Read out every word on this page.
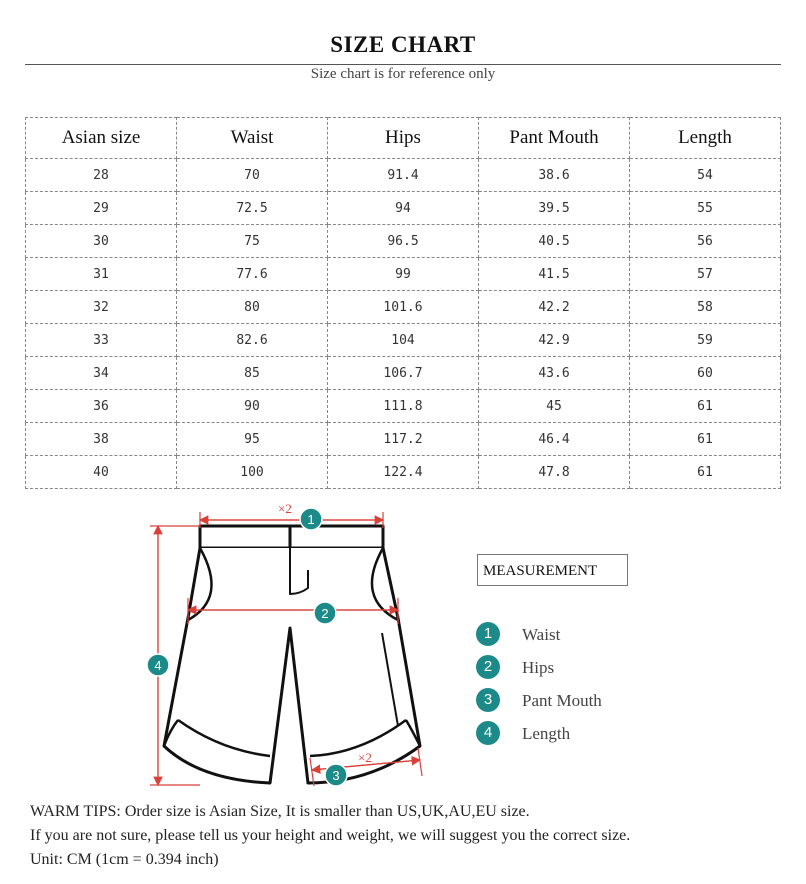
SIZE CHART
Size chart is for reference only
Asian size	Waist	Hips	Pant Mouth	Length
28	70	91.4	38.6	54
29	72.5	94	39.5	55
30	75	96.5	40.5	56
31	77.6	99	41.5	57
32	80	101.6	42.2	58
33	82.6	104	42.9	59
34	85	106.7	43.6	60
36	90	111.8	45	61
38	95	117.2	46.4	61
40	100	122.4	47.8	61
×2
×2
1
2
3
4
MEASUREMENT
1	Waist
2	Hips
3	Pant Mouth
4	Length
WARM TIPS: Order size is Asian Size, It is smaller than US,UK,AU,EU size.
If you are not sure, please tell us your height and weight, we will suggest you the correct size.
Unit: CM (1cm = 0.394 inch)
